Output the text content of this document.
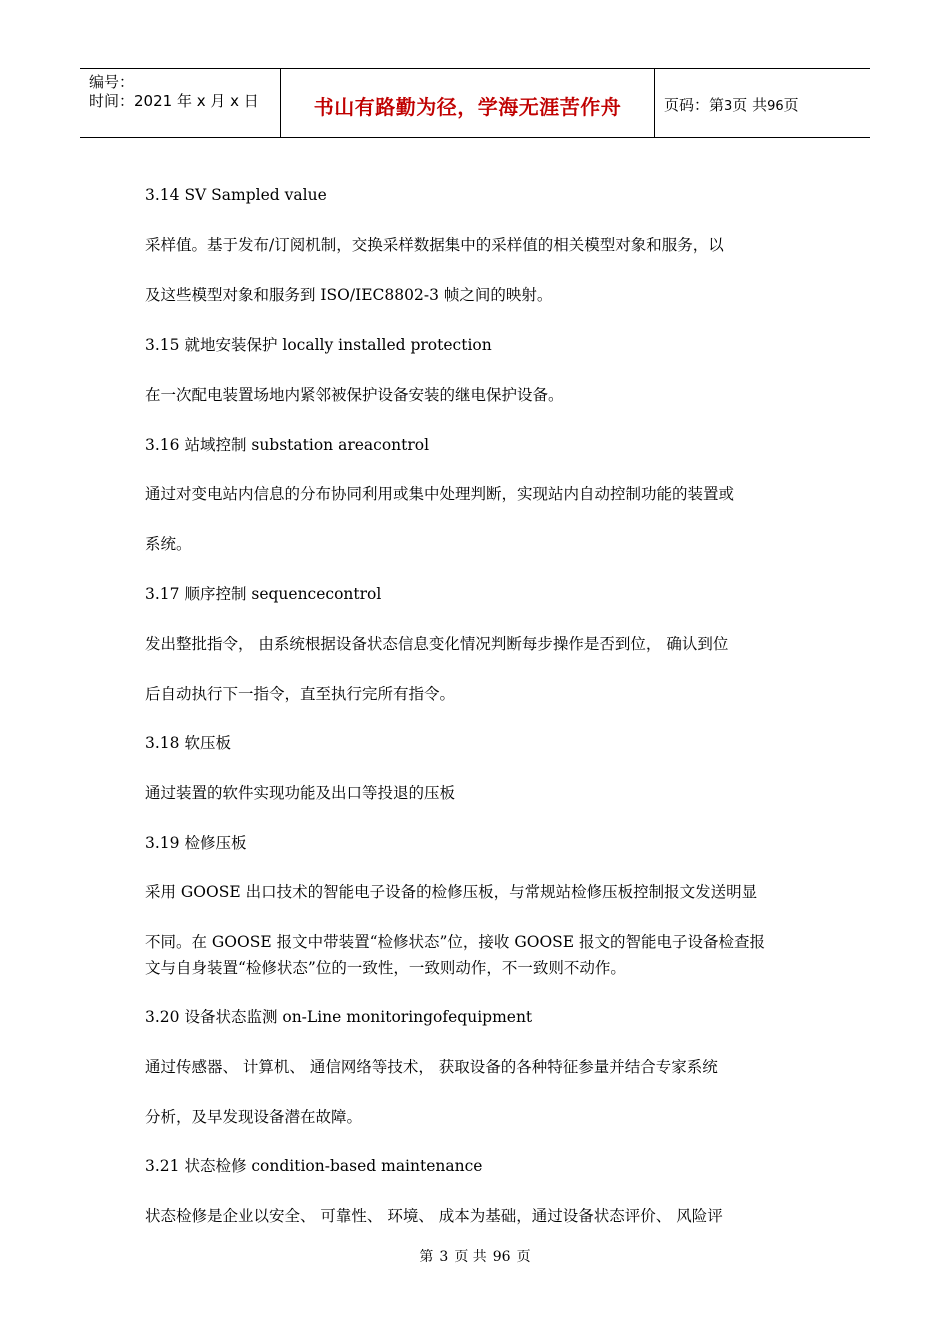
编号：
时间：2021 年 x 月 x 日	书山有路勤为径，学海无涯苦作舟	页码：第3页 共96页
3.14 SV Sampled value
采样值。基于发布/订阅机制，交换采样数据集中的采样值的相关模型对象和服务，以
及这些模型对象和服务到 ISO/IEC8802-3 帧之间的映射。
3.15 就地安装保护 locally installed protection
在一次配电装置场地内紧邻被保护设备安装的继电保护设备。
3.16 站域控制 substation areacontrol
通过对变电站内信息的分布协同利用或集中处理判断，实现站内自动控制功能的装置或
系统。
3.17 顺序控制 sequencecontrol
发出整批指令， 由系统根据设备状态信息变化情况判断每步操作是否到位， 确认到位
后自动执行下一指令，直至执行完所有指令。
3.18 软压板
通过装置的软件实现功能及出口等投退的压板
3.19 检修压板
采用 GOOSE 出口技术的智能电子设备的检修压板，与常规站检修压板控制报文发送明显
不同。在 GOOSE 报文中带装置“检修状态”位，接收 GOOSE 报文的智能电子设备检查报
文与自身装置“检修状态”位的一致性，一致则动作，不一致则不动作。
3.20 设备状态监测 on-Line monitoringofequipment
通过传感器、 计算机、 通信网络等技术， 获取设备的各种特征参量并结合专家系统
分析，及早发现设备潜在故障。
3.21 状态检修 condition-based maintenance
状态检修是企业以安全、 可靠性、 环境、 成本为基础，通过设备状态评价、 风险评
第 3 页 共 96 页
